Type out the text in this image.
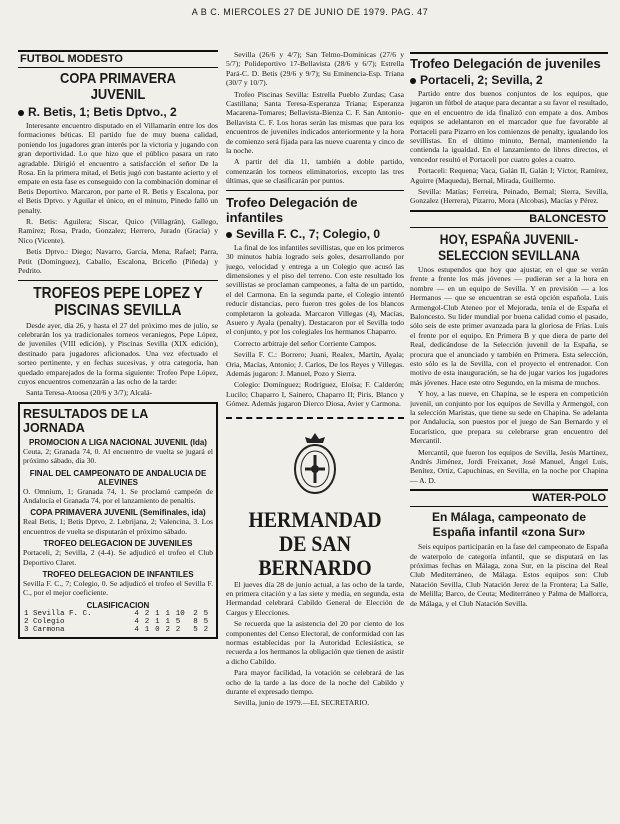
A B C. MIERCOLES 27 DE JUNIO DE 1979. PAG. 47
FUTBOL MODESTO
COPA PRIMAVERA JUVENIL
R. Betis, 1; Betis Dptvo., 2

Interesante encuentro disputado en el Villamarín entre los dos formaciones béticas. El partido fue de muy buena calidad, poniendo los jugadores gran interés por la victoria y jugando con gran deportividad. Lo que hizo que el público pasara un rato agradable. Dirigió el encuentro a satisfacción el señor De la Rosa. En la primera mitad, el Betis jugó con bastante acierto y el empate en esta fase es conseguido con la combinación dominar el Betis Deportivo. Marcaron, por parte el R. Betis y Escalona, por el Betis Dptvo. y Aguilar el único, en el minuto, Pinedo falló un penalty.

R. Betis: Aguilera; Siscar, Quico (Villagrán), Gallego, Ramírez; Rosa, Prado, Gonzalez; Herrero, Jurado (Gracia) y Nico (Vicente).

Betis Dptvo.: Diego; Navarro, García, Mena, Rafael; Parra, Petit (Domínguez), Caballo, Escalona, Briceño (Piñeda) y Pedrito.

TROFEOS PEPE LOPEZ Y PISCINAS SEVILLA

Desde ayer, día 26, y hasta el 27 del próximo mes de julio, se celebrarán los ya tradicionales torneos veraniegos, Pepe López, de juveniles (VIII edición), y Piscinas Sevilla (XIX edición), destinado para jugadores aficionados. Una vez efectuado el sorteo pertinente, y en fechas sucesivas, y otra categoría, han quedado emparejados de la forma siguiente: Trofeo Pepe López, cuyos encuentros comenzarán a las ocho de la tarde:

Santa Teresa-Atoosa (20/6 y 3/7); Alcalá-

RESULTADOS DE LA JORNADA
PROMOCION A LIGA NACIONAL JUVENIL (Ida)

Ceuta, 2; Granada 74, 0. Al encuentro de vuelta se jugará el próximo sábado, día 30.

FINAL DEL CAMPEONATO DE ANDALUCIA DE ALEVINES

O. Omnium, 1; Granada 74, 1. Se proclamó campeón de Andalucía el Granada 74, por el lanzamiento de penaltis.

COPA PRIMAVERA JUVENIL (Semifinales, ida)

Real Betis, 1; Betis Dptvo, 2. Lebrijana, 2; Valencina, 3. Los encuentros de vuelta se disputarán el próximo sábado.

TROFEO DELEGACION DE JUVENILES

Portaceli, 2; Sevilla, 2 (4-4). Se adjudicó el trofeo el Club Deportivo Claret.

TROFEO DELEGACION DE INFANTILES

Sevilla F. C., 7; Colegio, 0. Se adjudicó el trofeo el Sevilla F. C., por el mejor coeficiente.

CLASIFICACION
1 Sevilla F. C.	4	2	1	1	10	2	5
2 Colegio	4	2	1	1	5	8	5
3 Carmona	4	1	0	2	2	5	2

Sevilla (26/6 y 4/7); San Telmo-Dominicas (27/6 y 5/7); Polideportivo 17-Bellavista (28/6 y 6/7); Estrella Pará-C. D. Betis (29/6 y 9/7); Su Eminencia-Esp. Triana (30/7 y 10/7).

Trofeo Piscinas Sevilla: Estrella Pueblo Zurdas; Casa Castillana; Santa Teresa-Esperanza Triana; Esperanza Macarena-Tomares; Bellavista-Bienza C. F. San Antonio-Bellavista C. F. Los horas serán las mismas que para los encuentros de juveniles indicados anteriormente y la hora de comienzo será fijada para las nueve cuarenta y cinco de la noche.

A partir del día 11, también a doble partido, comenzarán los torneos eliminatorios, excepto las tres últimas, que se clasificarán por puntos.

Trofeo Delegación de infantiles
Sevilla F. C., 7; Colegio, 0

La final de los infantiles sevillistas, que en los primeros 30 minutos había logrado seis goles, desarrollando por juego, velocidad y entrega a un Colegio que acusó las dimensiones y el piso del terreno. Con este resultado los sevillistas se proclaman campeones, a falta de un partido, el del Carmona. En la segunda parte, el Colegio intentó reducir distancias, pero fueron tres goles de los blancos completaron la goleada. Marcaron Villegas (4), Macías, Asuero y Ayala (penalty). Destacaron por el Sevilla todo el conjunto, y por los colegiales los hermanos Chaparro.

Correcto arbitraje del señor Corriente Campos.

Sevilla F. C.: Borrero; Juani, Realex, Martín, Ayala; Oria, Macías, Antonio; J. Carlos, De los Reyes y Villegas. Además jugaron: J. Manuel, Pozo y Sierra.

Colegio: Domínguez; Rodríguez, Eloísa; F. Calderón; Lucilo; Chaparro I, Sainero, Chaparro II; Piris, Blanco y Gómez. Además jugaron Dierco Diosa, Avier y Carmona.

HERMANDAD DE SAN BERNARDO

El jueves día 28 de junio actual, a las ocho de la tarde, en primera citación y a las siete y media, en segunda, esta Hermandad celebrará Cabildo General de Elección de Cargos y Elecciones.

Se recuerda que la asistencia del 20 por ciento de los componentes del Censo Electoral, de conformidad con las normas establecidas por la Autoridad Eclesiástica, se recuerda a los hermanos la obligación que tienen de asistir a dicho Cabildo.

Para mayor facilidad, la votación se celebrará de las ocho de la tarde a las doce de la noche del Cabildo y durante el expresado tiempo.

Sevilla, junio de 1979.—EL SECRETARIO.

Trofeo Delegación de juveniles
Portaceli, 2; Sevilla, 2

Partido entre dos buenos conjuntos de los equipos, que jugaron un fútbol de ataque para decantar a su favor el resultado, que en el encuentro de ida finalizó con empate a dos. Ambos equipos se adelantaron en el marcador que fue favorable al Portaceli para Pizarro en los comienzos de penalty, igualando los sevillistas. En el último minuto, Bernal, manteniendo la contienda la igualdad. En el lanzamiento de libres directos, el vencedor resultó el Portaceli por cuatro goles a cuatro.

Portaceli: Requena; Vaca, Galán II, Galán I; Víctor, Ramírez, Aguirre (Maqueda), Bernal, Mirada, Guillermo.

Sevilla: Matías; Ferreira, Peinado, Bernal; Sierra, Sevilla, Gonzalez (Herrera), Pizarro, Mora (Alcobas), Macías y Pérez.

BALONCESTO
HOY, ESPAÑA JUVENIL-SELECCION SEVILLANA

Unos estupendos que hoy que ajustar, en el que se verán frente a frente los más jóvenes — pudieran ser a la hora en nombre — en un equipo de Sevilla. Y en previsión — a los Hermanos — que se encuentran se está opción española. Luis Armengol-Club Ateneo por el Mejorada, tenía el de España el Baloncesto. Su líder mundial por buena calidad como el pasado, sólo seis de este primer avanzada para la gloriosa de Frías. Luis el frente por el equipo. En Primera B y que diera de parte del Real, dedicándose de la Selección juvenil de la España, se procura que el anunciado y también en Primera. Esta selección, esto sólo es la de Sevilla, con el proyecto el entrenador. Con motivo de esta inauguración, se ha de jugar varios los jugadores más jóvenes. Hace este otro Segundo, en la misma de muchos.

Y hoy, a las nueve, en Chapina, se le espera en competición juvenil, un conjunto por los equipos de Sevilla y Armengol, con la selección Maristas, que tiene su sede en Chapina. Se adelanta por Andalucía, son puestos por el juego de San Bernardo y el Eucarístico, que prepara su celebrarse gran encuentro del Mercantil.

Mercantil, que fueron los equipos de Sevilla, Jesús Martínez, Andrés Jiménez, Jordi Freixanet, José Manuel, Ángel Luis, Benítez, Ortiz, Capuchinas, en Sevilla, en la noche por Chapina — A. D.

WATER-POLO
En Málaga, campeonato de España infantil «zona Sur»

Seis equipos participarán en la fase del campeonato de España de waterpolo de categoría infantil, que se disputará en las próximas fechas en Málaga, zona Sur, en la piscina del Real Club Mediterráneo, de Málaga. Estos equipos son: Club Natación Sevilla, Club Natación Jerez de la Frontera; La Salle, de Melilla; Barco, de Ceuta; Mediterráneo y Palma de Mallorca, de Málaga, y el Club Natación Sevilla.
